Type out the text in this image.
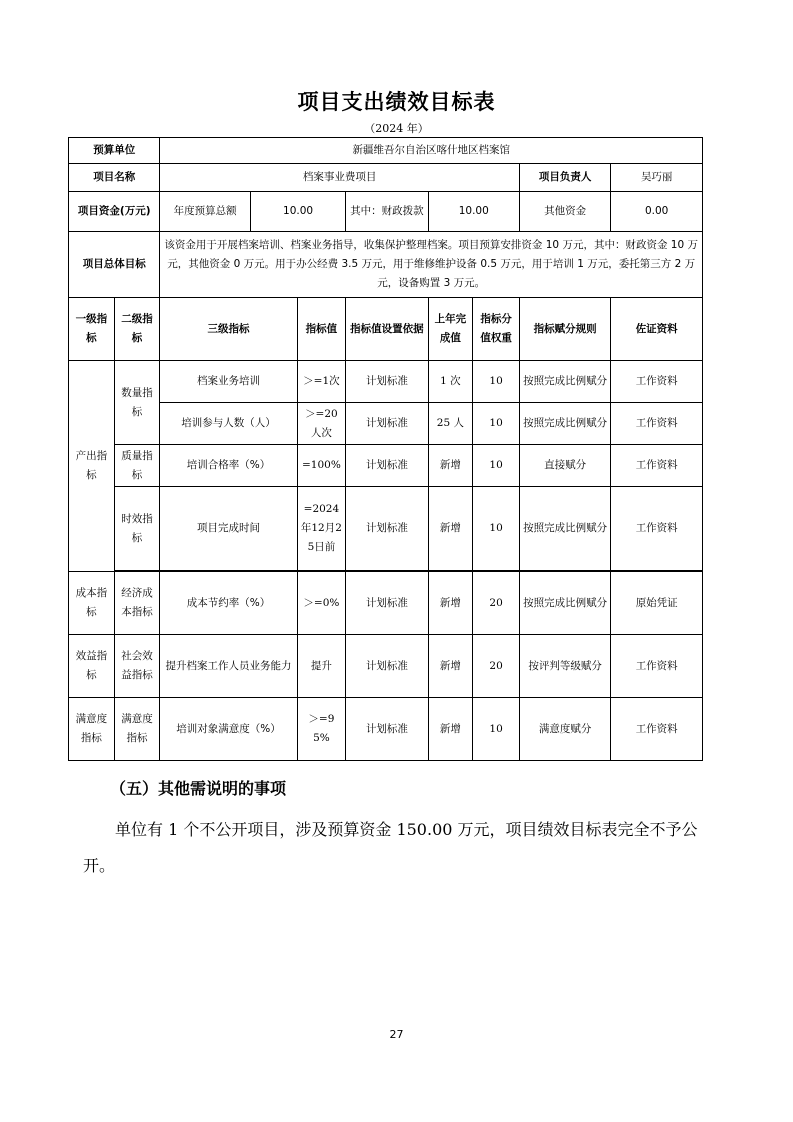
项目支出绩效目标表
（2024 年）
预算单位		新疆维吾尔自治区喀什地区档案馆							
项目名称		档案事业费项目						项目负责人	吴巧丽
项目资金(万元)		年度预算总额	10.00		其中：财政拨款	10.00		其他资金	0.00
项目总体目标		该资金用于开展档案培训、档案业务指导，收集保护整理档案。项目预算安排资金 10 万元，其中：财政资金 10 万元，其他资金 0 万元。用于办公经费 3.5 万元，用于维修维护设备 0.5 万元，用于培训 1 万元，委托第三方 2 万元，设备购置 3 万元。							
一级指标	二级指标	三级指标		指标值	指标值设置依据	上年完成值	指标分值权重	指标赋分规则	佐证资料
产出指标	数量指标	档案业务培训		＞=1次	计划标准	1 次	10	按照完成比例赋分	工作资料
		培训参与人数（人）		＞=20人次	计划标准	25 人	10	按照完成比例赋分	工作资料
	质量指标	培训合格率（%）		=100%	计划标准	新增	10	直接赋分	工作资料
	时效指标	项目完成时间		=2024年12月25日前	计划标准	新增	10	按照完成比例赋分	工作资料

成本指标	经济成本指标	成本节约率（%）		＞=0%	计划标准	新增	20	按照完成比例赋分	原始凭证
效益指标	社会效益指标	提升档案工作人员业务能力		提升	计划标准	新增	20	按评判等级赋分	工作资料
满意度指标	满意度指标	培训对象满意度（%）		＞=95%	计划标准	新增	10	满意度赋分	工作资料
（五）其他需说明的事项
单位有 1 个不公开项目，涉及预算资金 150.00 万元，项目绩效目标表完全不予公开。
27
